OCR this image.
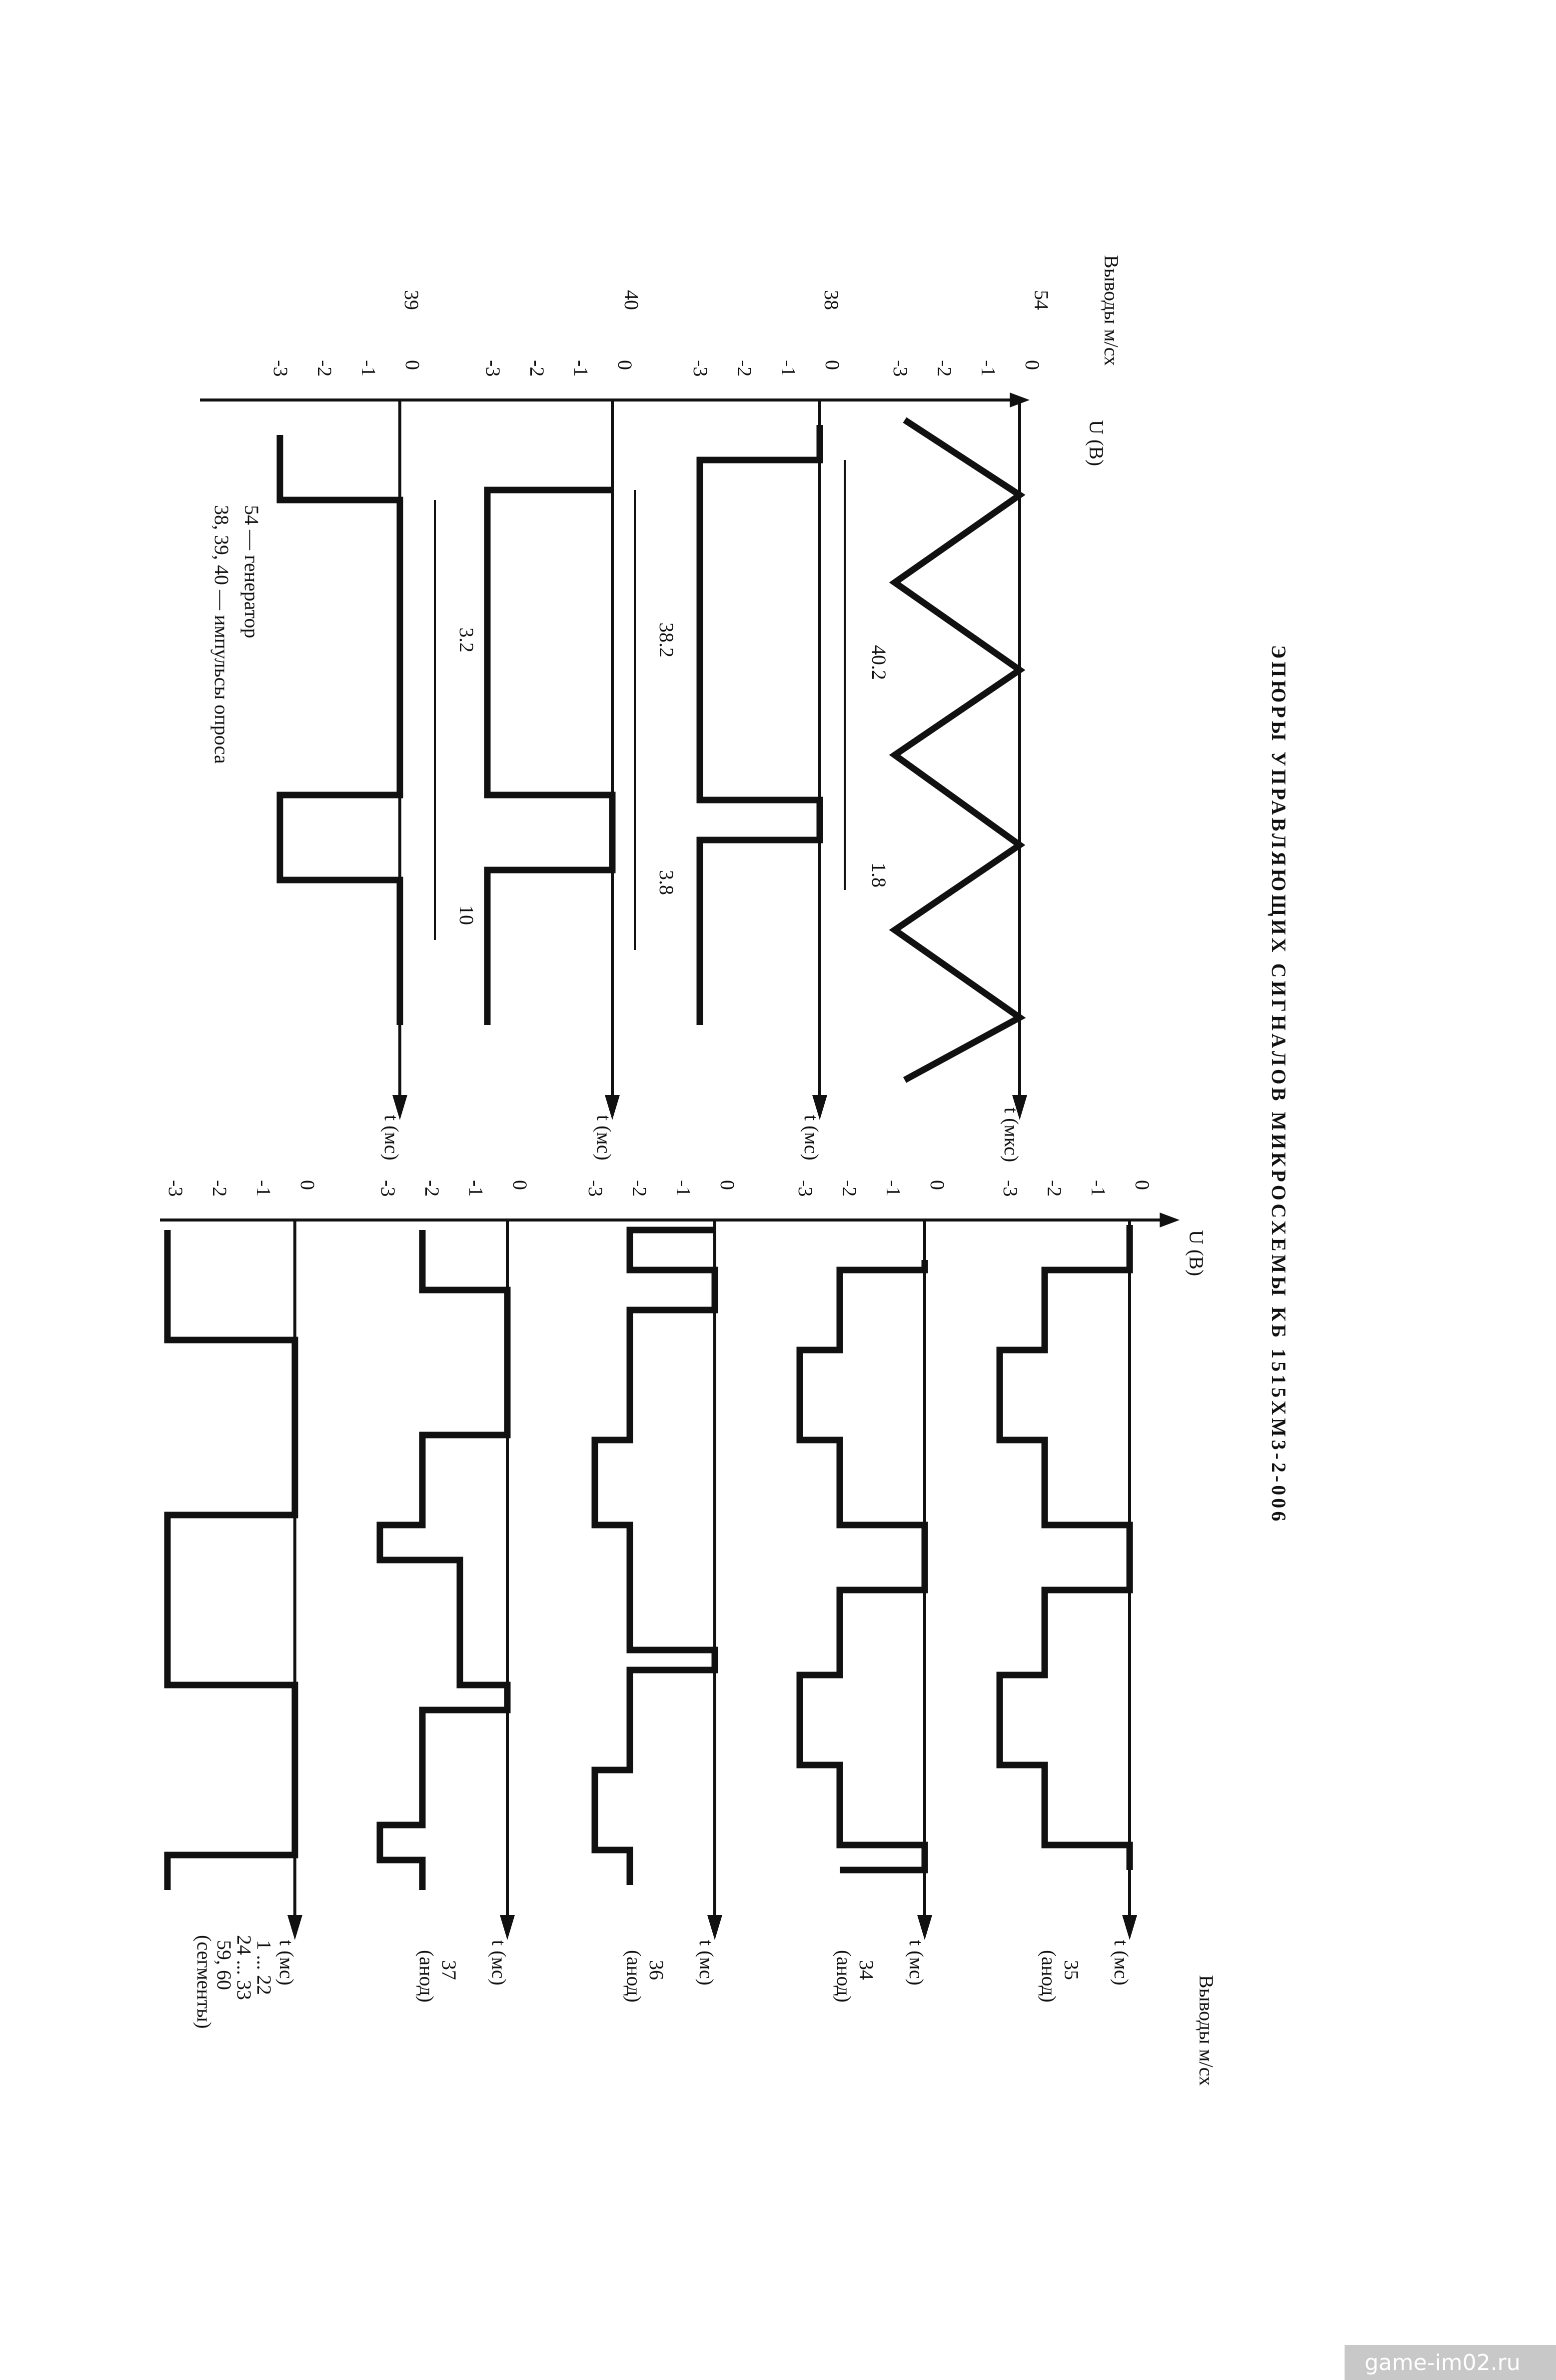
ЭПЮРЫ УПРАВЛЯЮЩИХ СИГНАЛОВ МИКРОСХЕМЫ КБ 1515ХМ3-2-006
Выводы м/сх
U (B)
54
38
40
39
0
-1
-2
-3
0
-1
-2
-3
0
-1
-2
-3
0
-1
-2
-3
t (мкс)
t (мс)
t (мс)
t (мс)
40.2
1.8
38.2
3.8
3.2
10
54 — генератор
38, 39, 40 — импульсы опроса
U (B)
Выводы м/сх
0
-1
-2
-3
0
-1
-2
-3
0
-1
-2
-3
0
-1
-2
-3
0
-1
-2
-3
t (мс)
35
(анод)
t (мс)
34
(анод)
t (мс)
36
(анод)
t (мс)
37
(анод)
t (мс)
1 ... 22
24 ... 33
59, 60
(сегменты)
game-im02.ru
